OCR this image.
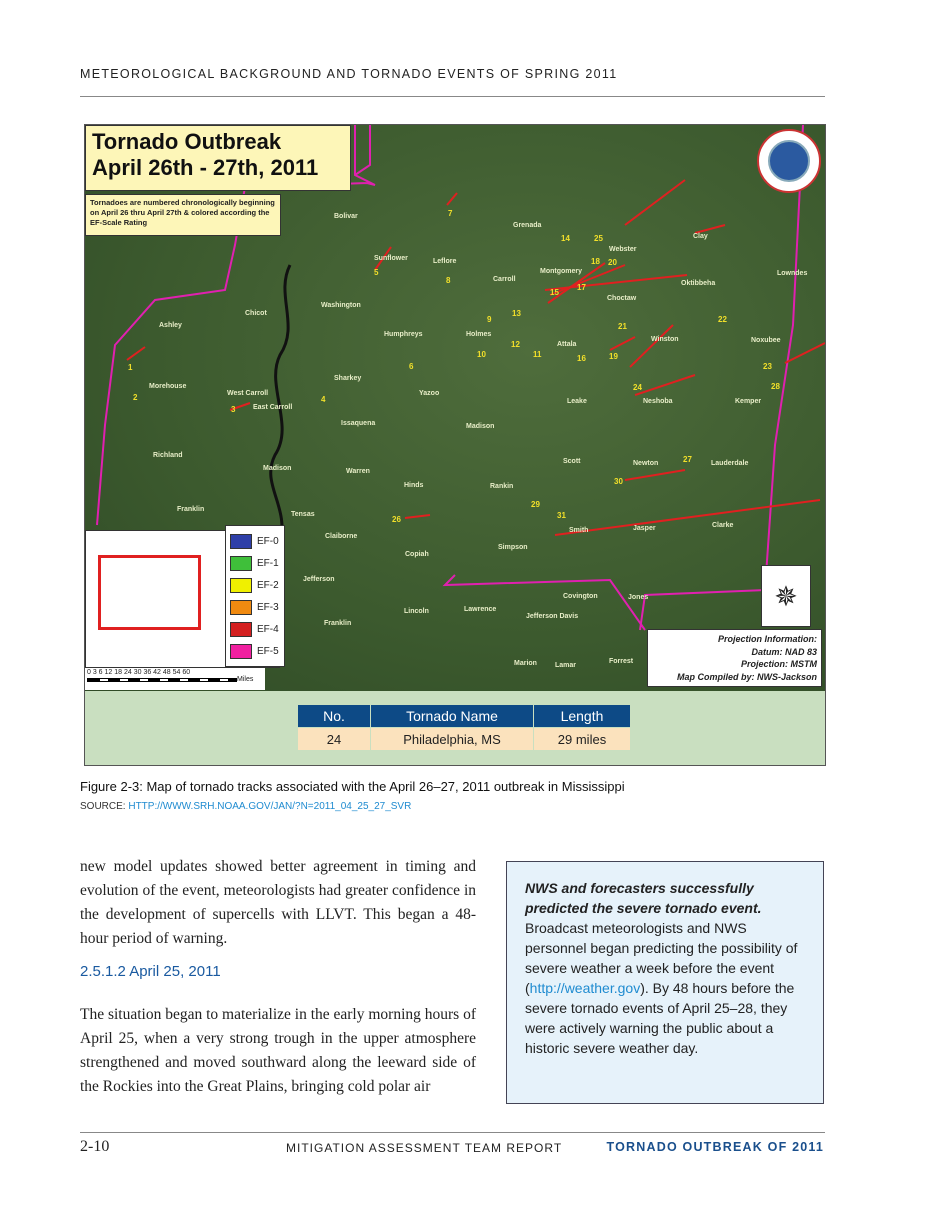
METEOROLOGICAL BACKGROUND AND TORNADO EVENTS OF SPRING 2011
Bolivar
Sunflower	Leflore
Grenada
Carroll
Montgomery
Webster
Clay
Lowndes
Oktibbeha
Choctaw
Washington
Chicot
Ashley
Humphreys	Holmes
Attala
Winston	Noxubee
Sharkey
Yazoo
Morehouse
West Carroll
East Carroll
Issaquena
Leake	Neshoba	Kemper
Madison
Richland
Madison	Warren
Scott	Newton	Lauderdale
Hinds	Rankin
Franklin
Tensas
Claiborne
Smith	Jasper	Clarke
Simpson
Copiah
Jefferson
Covington	Jones
Lincoln	Lawrence
Jefferson Davis
Franklin
Marion	Lamar
Forrest
1
2
3
4
5
6
7
8
9
10	11
12
13
14
15
16
17
18
19
20
21
22
23
24
25
26
27
28
29
30
31
Tornado Outbreak
April 26th - 27th, 2011
Tornadoes are numbered chronologically beginning on April 26 thru April 27th & colored according the EF-Scale Rating
0 3 6 12 18 24 30 36 42 48 54 60
Miles
EF-0
EF-1
EF-2
EF-3
EF-4
EF-5
✵
Projection Information:
Datum: NAD 83
Projection: MSTM
Map Compiled by: NWS-Jackson
No.	Tornado Name	Length
24	Philadelphia, MS	29 miles
Figure 2-3: Map of tornado tracks associated with the April 26–27, 2011 outbreak in Mississippi
SOURCE: HTTP://WWW.SRH.NOAA.GOV/JAN/?N=2011_04_25_27_SVR
new model updates showed better agreement in timing and evolution of the event, meteorologists had greater confidence in the development of supercells with LLVT. This began a 48-hour period of warning.
2.5.1.2 April 25, 2011
The situation began to materialize in the early morning hours of April 25, when a very strong trough in the upper atmosphere strengthened and moved southward along the leeward side of the Rockies into the Great Plains, bringing cold polar air
NWS and forecasters successfully predicted the severe tornado event. Broadcast meteorologists and NWS personnel began predicting the possibility of severe weather a week before the event (http://weather.gov). By 48 hours before the severe tornado events of April 25–28, they were actively warning the public about a historic severe weather day.
2-10	MITIGATION ASSESSMENT TEAM REPORT	TORNADO OUTBREAK OF 2011
